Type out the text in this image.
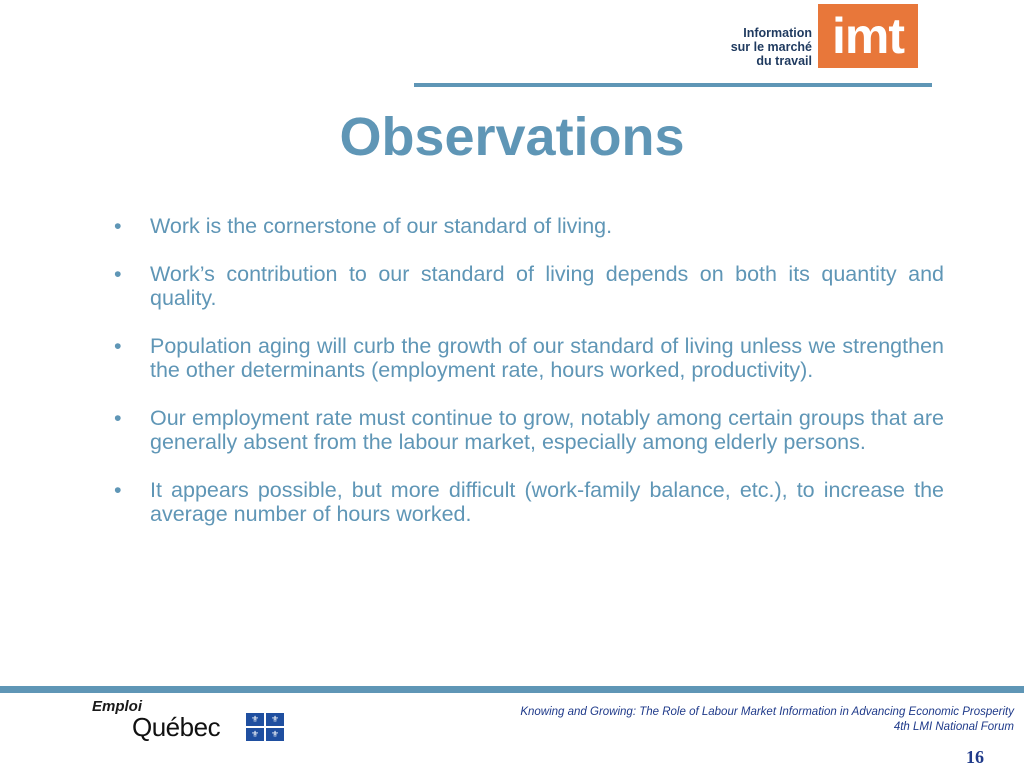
Information
sur le marché
du travail imt
Observations
• Work is the cornerstone of our standard of living.
• Work’s contribution to our standard of living depends on both its quantity and quality.
• Population aging will curb the growth of our standard of living unless we strengthen the other determinants (employment rate, hours worked, productivity).
• Our employment rate must continue to grow, notably among certain groups that are generally absent from the labour market, especially among elderly persons.
• It appears possible, but more difficult (work-family balance, etc.), to increase the average number of hours worked.
Emploi
Québec	⚜	⚜
⚜	⚜
Knowing and Growing: The Role of Labour Market Information in Advancing Economic Prosperity
4th LMI National Forum
16
